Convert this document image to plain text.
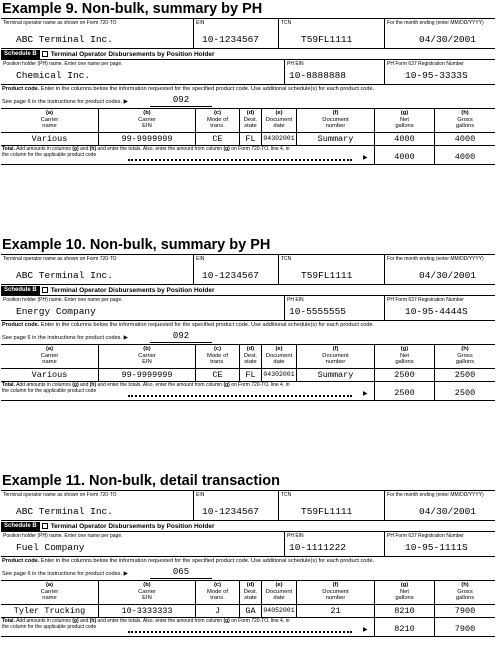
Example 9. Non-bulk, summary by PH
Terminal operator name as shown on Form 720-TO
ABC Terminal Inc.
EIN
10-1234567
TCN
T59FL1111
For the month ending (enter MM/DD/YYYY)
04/30/2001
Schedule B	Terminal Operator Disbursements by Position Holder
Position holder (PH) name. Enter one name per page.
Chemical Inc.
PH EIN
10-8888888
PH Form 637 Registration Number
10-95-3333S
Product code. Enter in the columns below the information requested for the specified product code. Use additional schedule(s) for each product code.
See page 6 in the instructions for product codes. ▶	092
(a)
Carrier
name
(b)
Carrier
EIN
(c)
Mode of
trans.
(d)
Dest.
state
(e)
Document
date
(f)
Document
number
(g)
Net
gallons
(h)
Gross
gallons
Various	99-9999999	CE	FL	04302001	Summary	4000	4000
Total. Add amounts in columns (g) and (h) and enter the totals. Also, enter the amount from column (g) on Form 720-TO, line 4, in
the column for the applicable product code	▶	4000	4000
Example 10. Non-bulk, summary by PH
Terminal operator name as shown on Form 720-TO
ABC Terminal Inc.
EIN
10-1234567
TCN
T59FL1111
For the month ending (enter MM/DD/YYYY)
04/30/2001
Schedule B	Terminal Operator Disbursements by Position Holder
Position holder (PH) name. Enter one name per page.
Energy Company
PH EIN
10-5555555
PH Form 637 Registration Number
10-95-4444S
Product code. Enter in the columns below the information requested for the specified product code. Use additional schedule(s) for each product code.
See page 6 in the instructions for product codes. ▶	092
(a)
Carrier
name
(b)
Carrier
EIN
(c)
Mode of
trans.
(d)
Dest.
state
(e)
Document
date
(f)
Document
number
(g)
Net
gallons
(h)
Gross
gallons
Various	99-9999999	CE	FL	04302001	Summary	2500	2500
Total. Add amounts in columns (g) and (h) and enter the totals. Also, enter the amount from column (g) on Form 720-TO, line 4, in
the column for the applicable product code	▶	2500	2500
Example 11. Non-bulk, detail transaction
Terminal operator name as shown on Form 720-TO
ABC Terminal Inc.
EIN
10-1234567
TCN
T59FL1111
For the month ending (enter MM/DD/YYYY)
04/30/2001
Schedule B	Terminal Operator Disbursements by Position Holder
Position holder (PH) name. Enter one name per page.
Fuel Company
PH EIN
10-1111222
PH Form 637 Registration Number
10-95-1111S
Product code. Enter in the columns below the information requested for the specified product code. Use additional schedule(s) for each product code.
See page 6 in the instructions for product codes. ▶	065
(a)
Carrier
name
(b)
Carrier
EIN
(c)
Mode of
trans.
(d)
Dest.
state
(e)
Document
date
(f)
Document
number
(g)
Net
gallons
(h)
Gross
gallons
Tyler Trucking	10-3333333	J	GA	04052001	21	8210	7900
Total. Add amounts in columns (g) and (h) and enter the totals. Also, enter the amount from column (g) on Form 720-TO, line 4, in
the column for the applicable product code	▶	8210	7900
